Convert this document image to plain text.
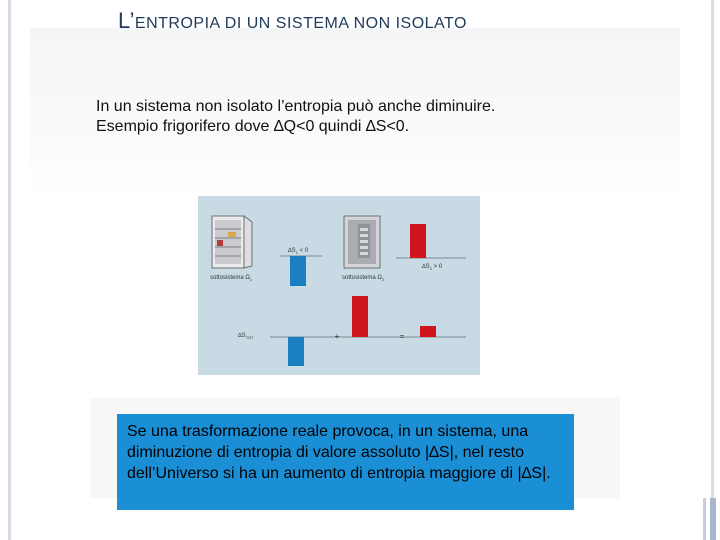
L’ENTROPIA DI UN SISTEMA NON ISOLATO

In un sistema non isolato l’entropia può anche diminuire.

Esempio frigorifero dove ∆Q<0 quindi ∆S<0.

sottosistema $\Omega_1$
$\Delta S_1 < 0$
sottosistema $\Omega_2$
$\Delta S_2 > 0$
$\Delta S_{TOT}$	+	=

Se una trasformazione reale provoca, in un sistema, una diminuzione di entropia di valore assoluto |∆S|, nel resto dell’Universo si ha un aumento di entropia maggiore di |∆S|.
